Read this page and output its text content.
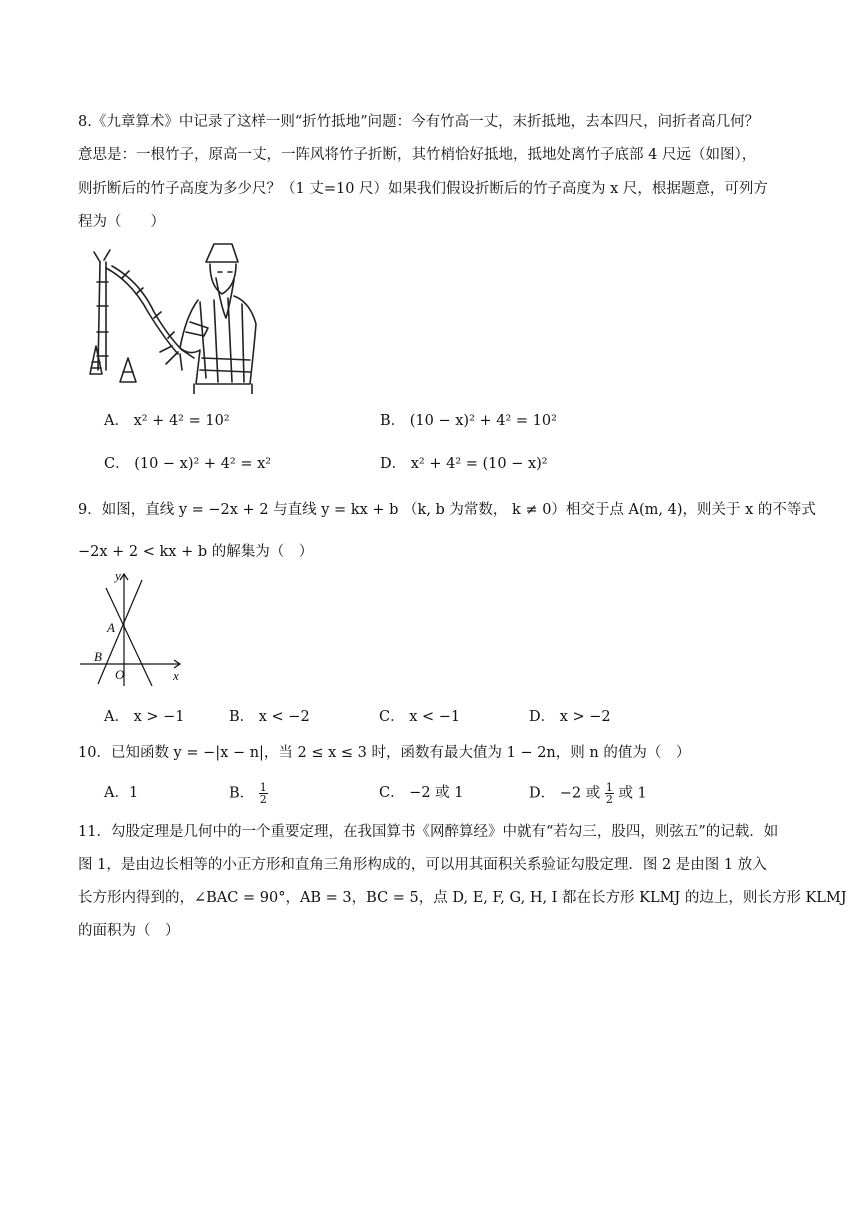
8.《九章算术》中记录了这样一则“折竹抵地”问题：今有竹高一丈，末折抵地，去本四尺，问折者高几何？
意思是：一根竹子，原高一丈，一阵风将竹子折断，其竹梢恰好抵地，抵地处离竹子底部 4 尺远（如图），
则折断后的竹子高度为多少尺？（1 丈=10 尺）如果我们假设折断后的竹子高度为 x 尺，根据题意，可列方
程为（　　）
A． x² + 4² = 10²	B． (10 − x)² + 4² = 10²
C． (10 − x)² + 4² = x²	D． x² + 4² = (10 − x)²
9．如图，直线 y = −2x + 2 与直线 y = kx + b （k, b 为常数， k ≠ 0）相交于点 A(m, 4)，则关于 x 的不等式
−2x + 2 < kx + b 的解集为（　）
y
x
A
B
O
A． x > −1	B． x < −2	C． x < −1	D． x > −2
10．已知函数 y = −|x − n|，当 2 ≤ x ≤ 3 时，函数有最大值为 1 − 2n，则 n 的值为（　）
A．1	B． $\frac{1}{2}$	C． −2 或 1	D． −2 或 $\frac{1}{2}$ 或 1
11．勾股定理是几何中的一个重要定理，在我国算书《网醉算经》中就有“若勾三，股四，则弦五”的记载．如
图 1，是由边长相等的小正方形和直角三角形构成的，可以用其面积关系验证勾股定理．图 2 是由图 1 放入
长方形内得到的，∠BAC = 90°，AB = 3，BC = 5，点 D, E, F, G, H, I 都在长方形 KLMJ 的边上，则长方形 KLMJ
的面积为（　）
